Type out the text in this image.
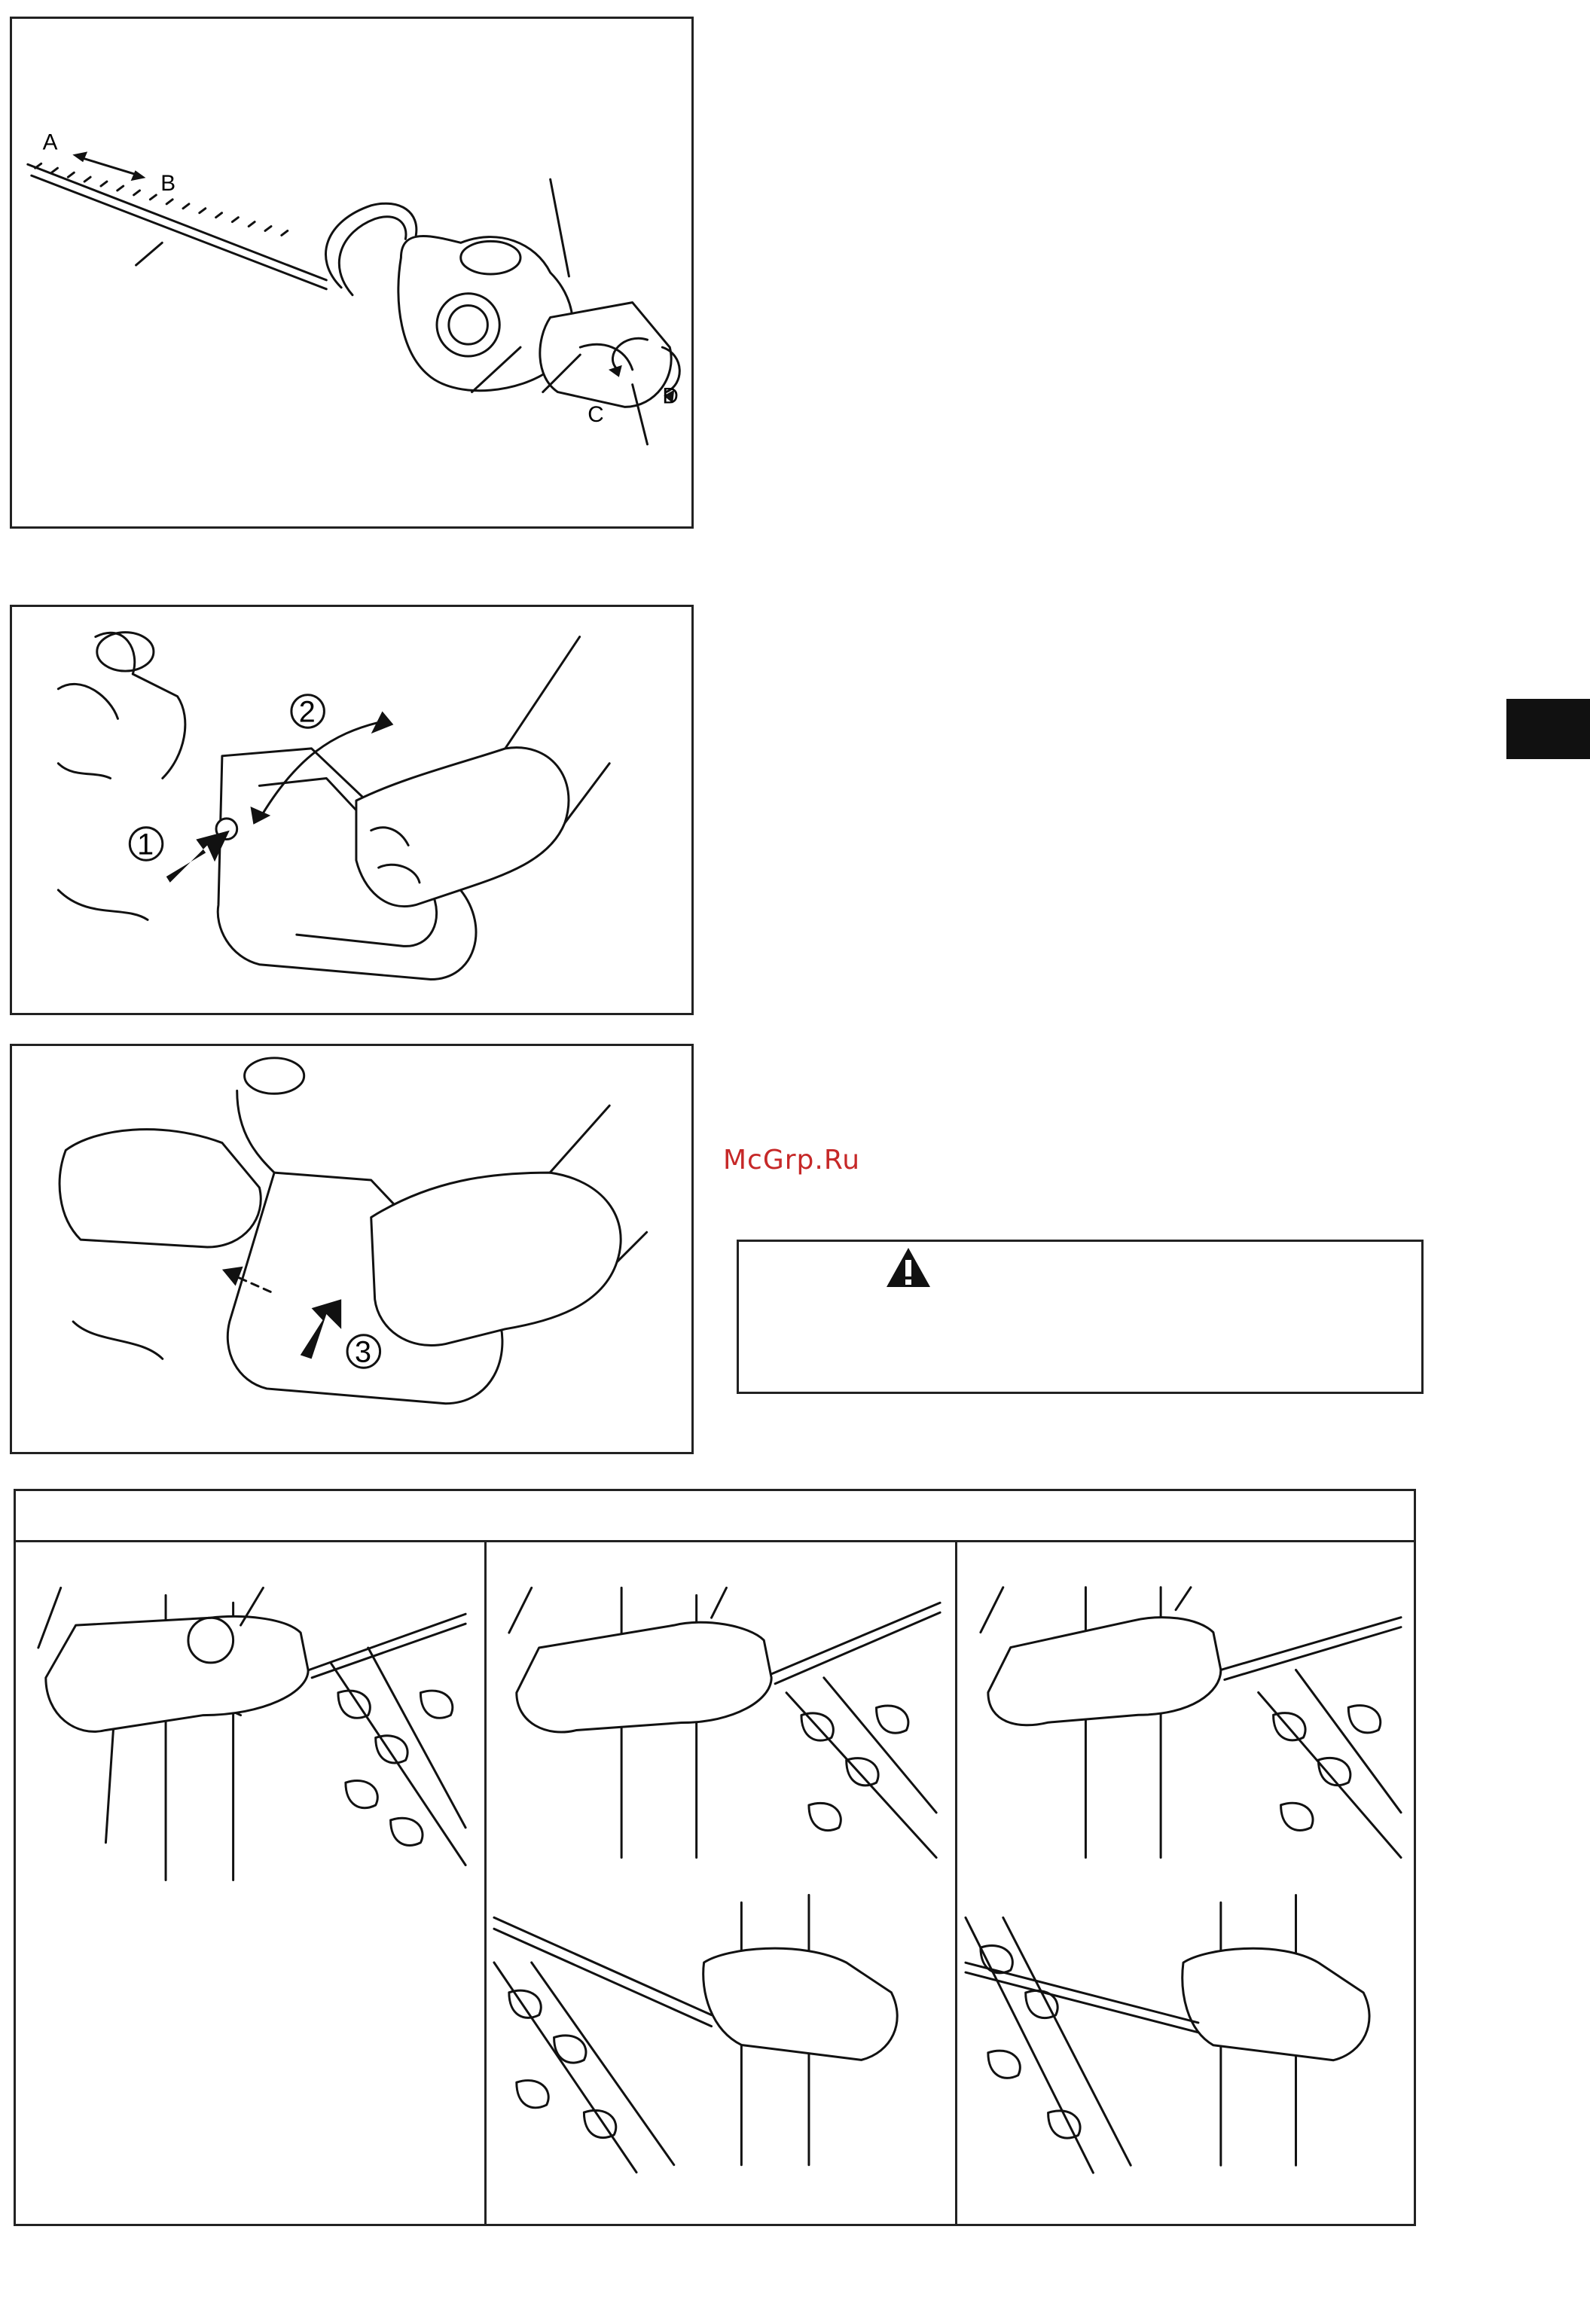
A
B
C
D
1
2
3
McGrp.Ru
